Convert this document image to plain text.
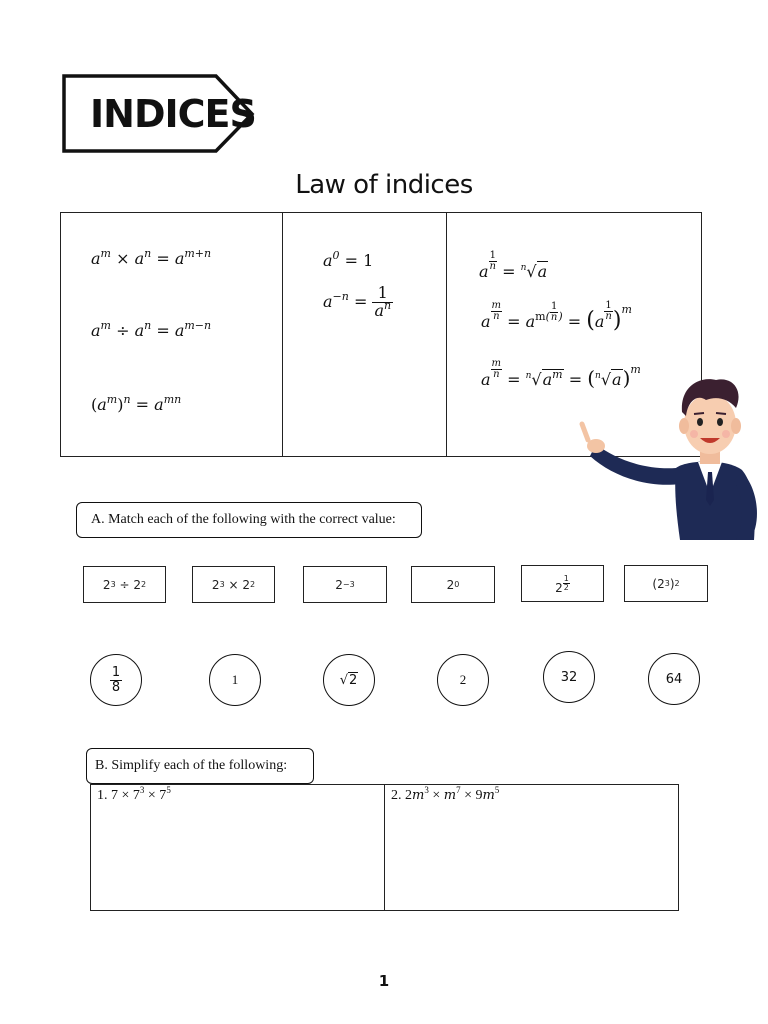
INDICES
Law of indices
$a^m \times a^n = a^{m+n}$
$a^m \div a^n = a^{m-n}$
$(a^m)^n = a^{mn}$
$a^0 = 1$
$a^{-n} = \frac{1}{a^n}$
a $\frac{1}{n} = ^n√a$
a $\frac{m}{n} = a^{m( \frac{1}{n} )} = (a \frac{1}{n} )^m$
a $\frac{m}{n} = ^n√a^m = (^n√a)^m$
A. Match each of the following with the correct value:
2 3 ÷ 2 2	2 3 × 2 2	2 −3	2 0	2
1
2	( 2 3 ) 2
$\frac{1}{8}$	1	√2	2	32	64
B. Simplify each of the following:
1. $7 \times 7^3 \times 7^5$	2. $2m^3 \times m^7 \times 9m^5$
1
